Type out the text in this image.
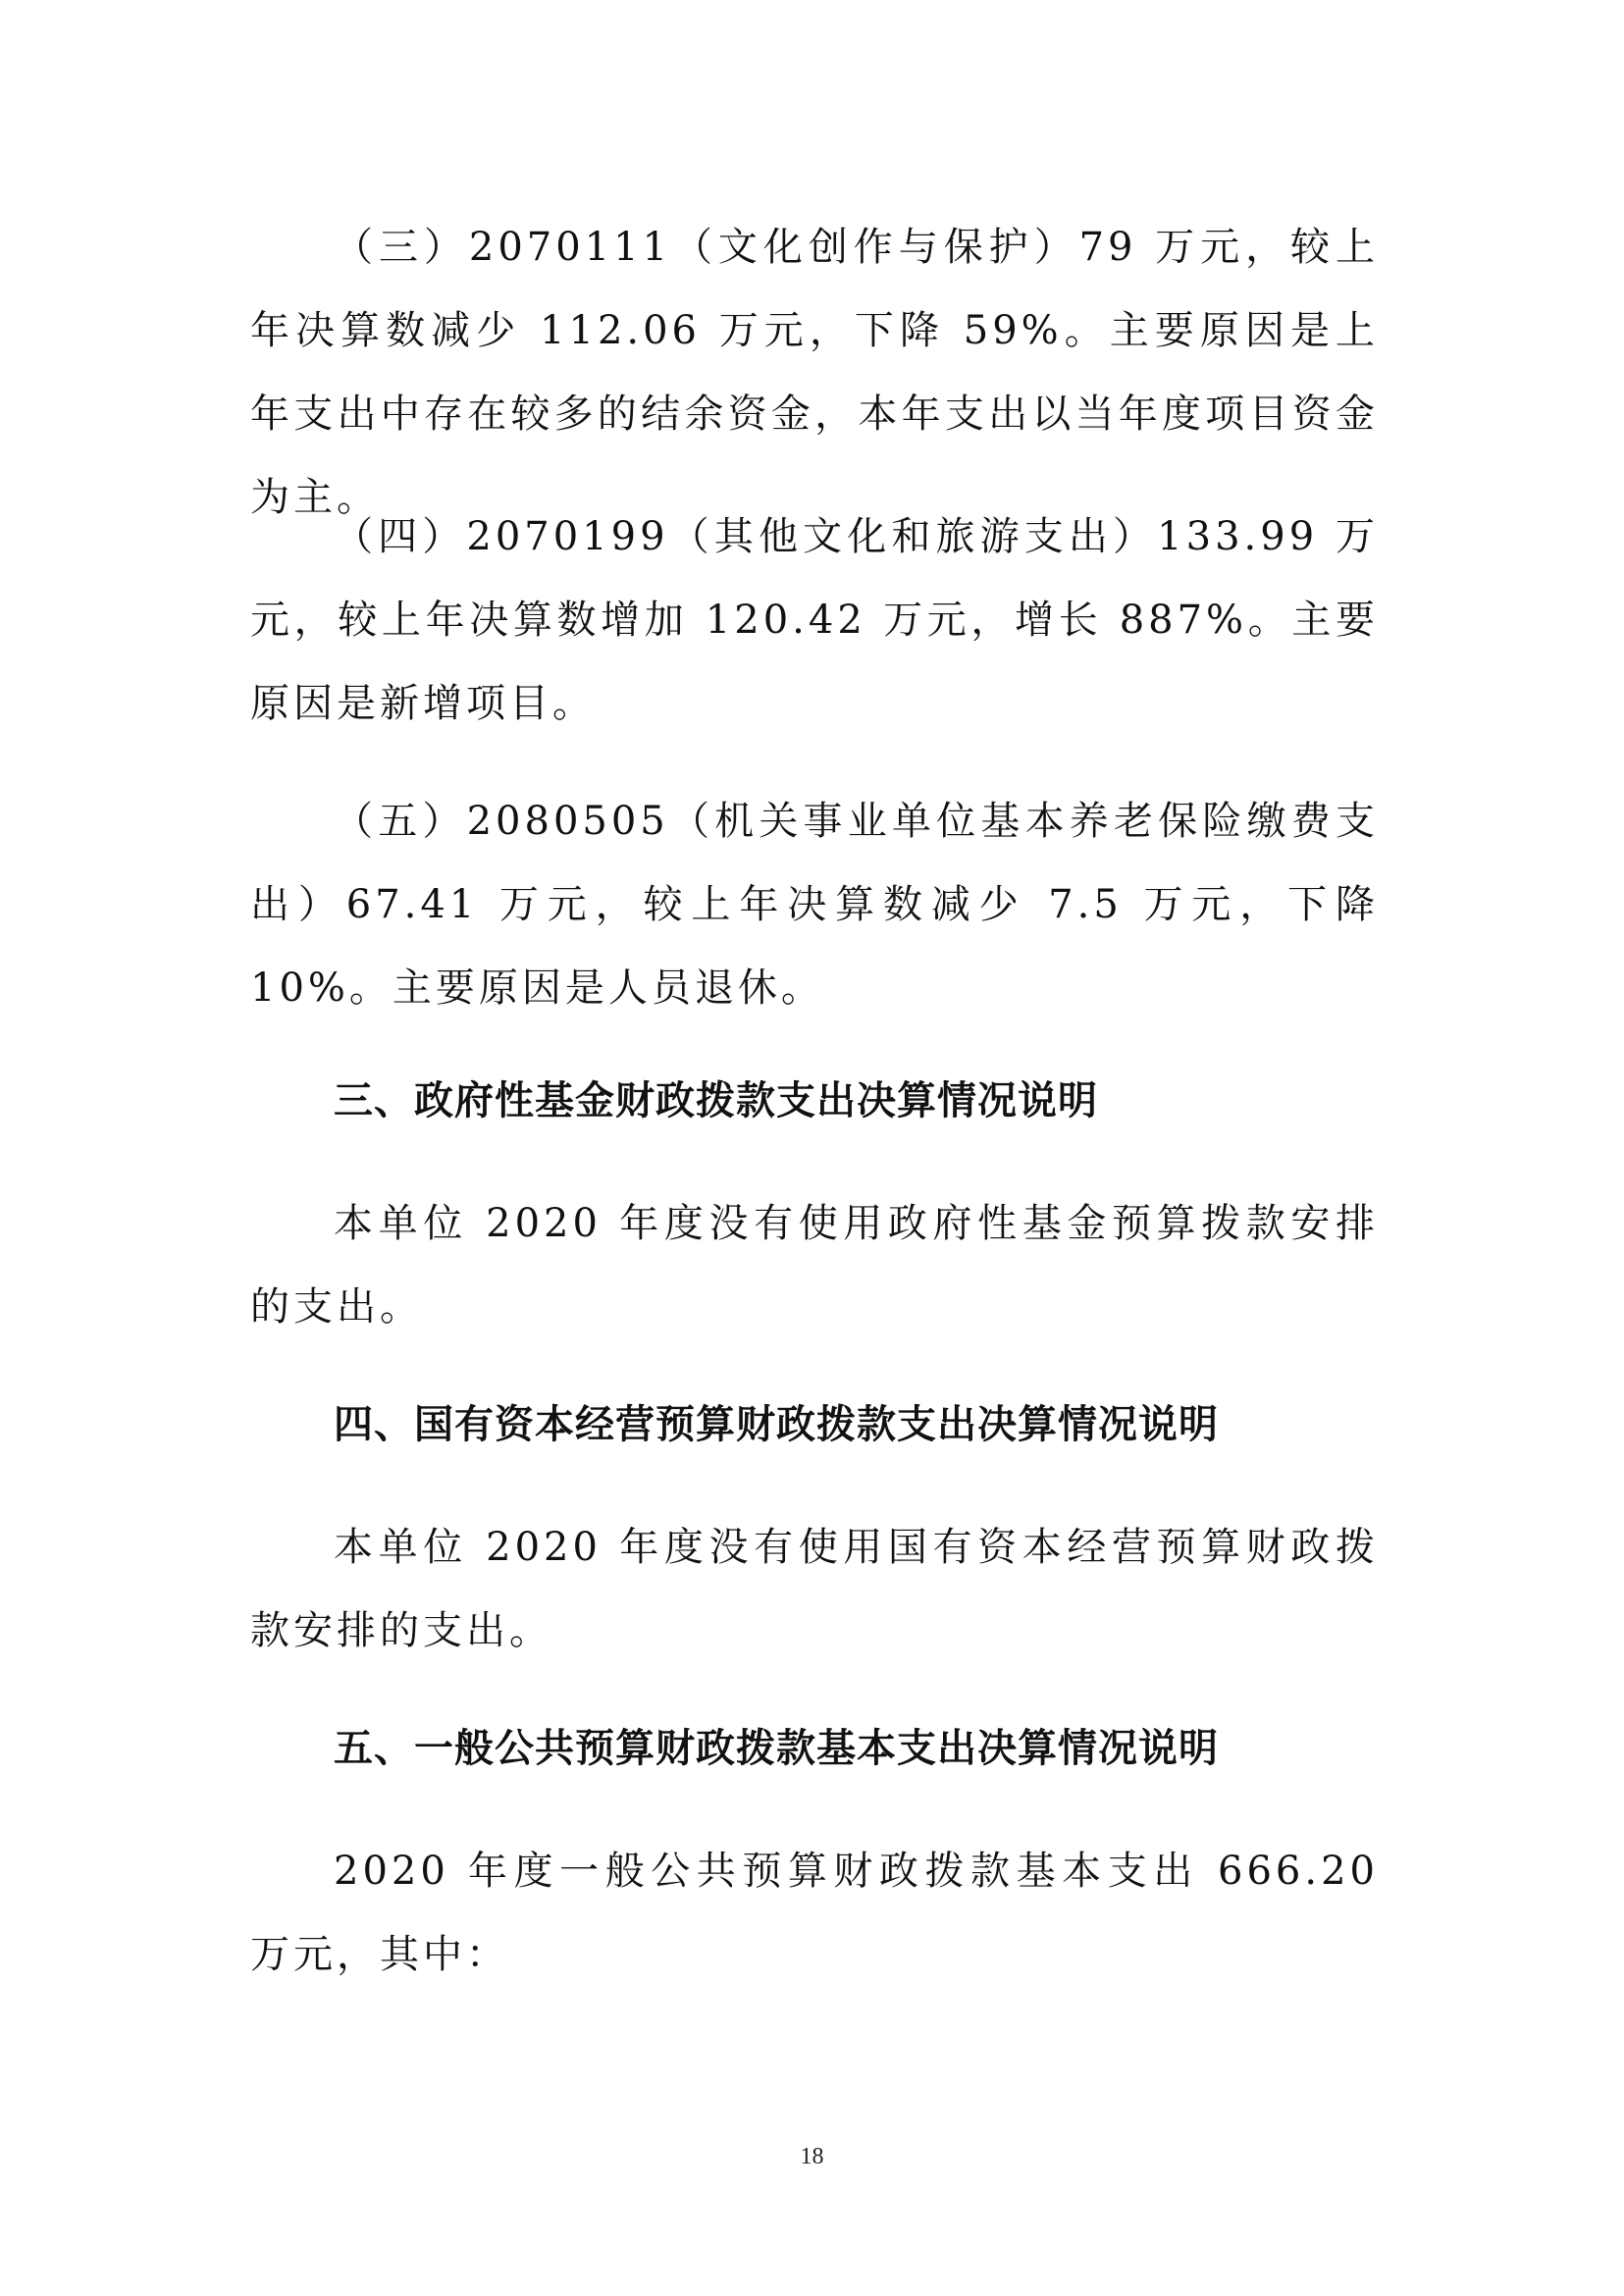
（三）2070111（文化创作与保护）79 万元，较上年决算数减少 112.06 万元，下降 59%。主要原因是上年支出中存在较多的结余资金，本年支出以当年度项目资金为主。

（四）2070199（其他文化和旅游支出）133.99 万元，较上年决算数增加 120.42 万元，增长 887%。主要原因是新增项目。

（五）2080505（机关事业单位基本养老保险缴费支出）67.41 万元，较上年决算数减少 7.5 万元，下降 10%。主要原因是人员退休。

三、政府性基金财政拨款支出决算情况说明

本单位 2020 年度没有使用政府性基金预算拨款安排的支出。

四、国有资本经营预算财政拨款支出决算情况说明

本单位 2020 年度没有使用国有资本经营预算财政拨款安排的支出。

五、一般公共预算财政拨款基本支出决算情况说明

2020 年度一般公共预算财政拨款基本支出 666.20 万元，其中：

18
